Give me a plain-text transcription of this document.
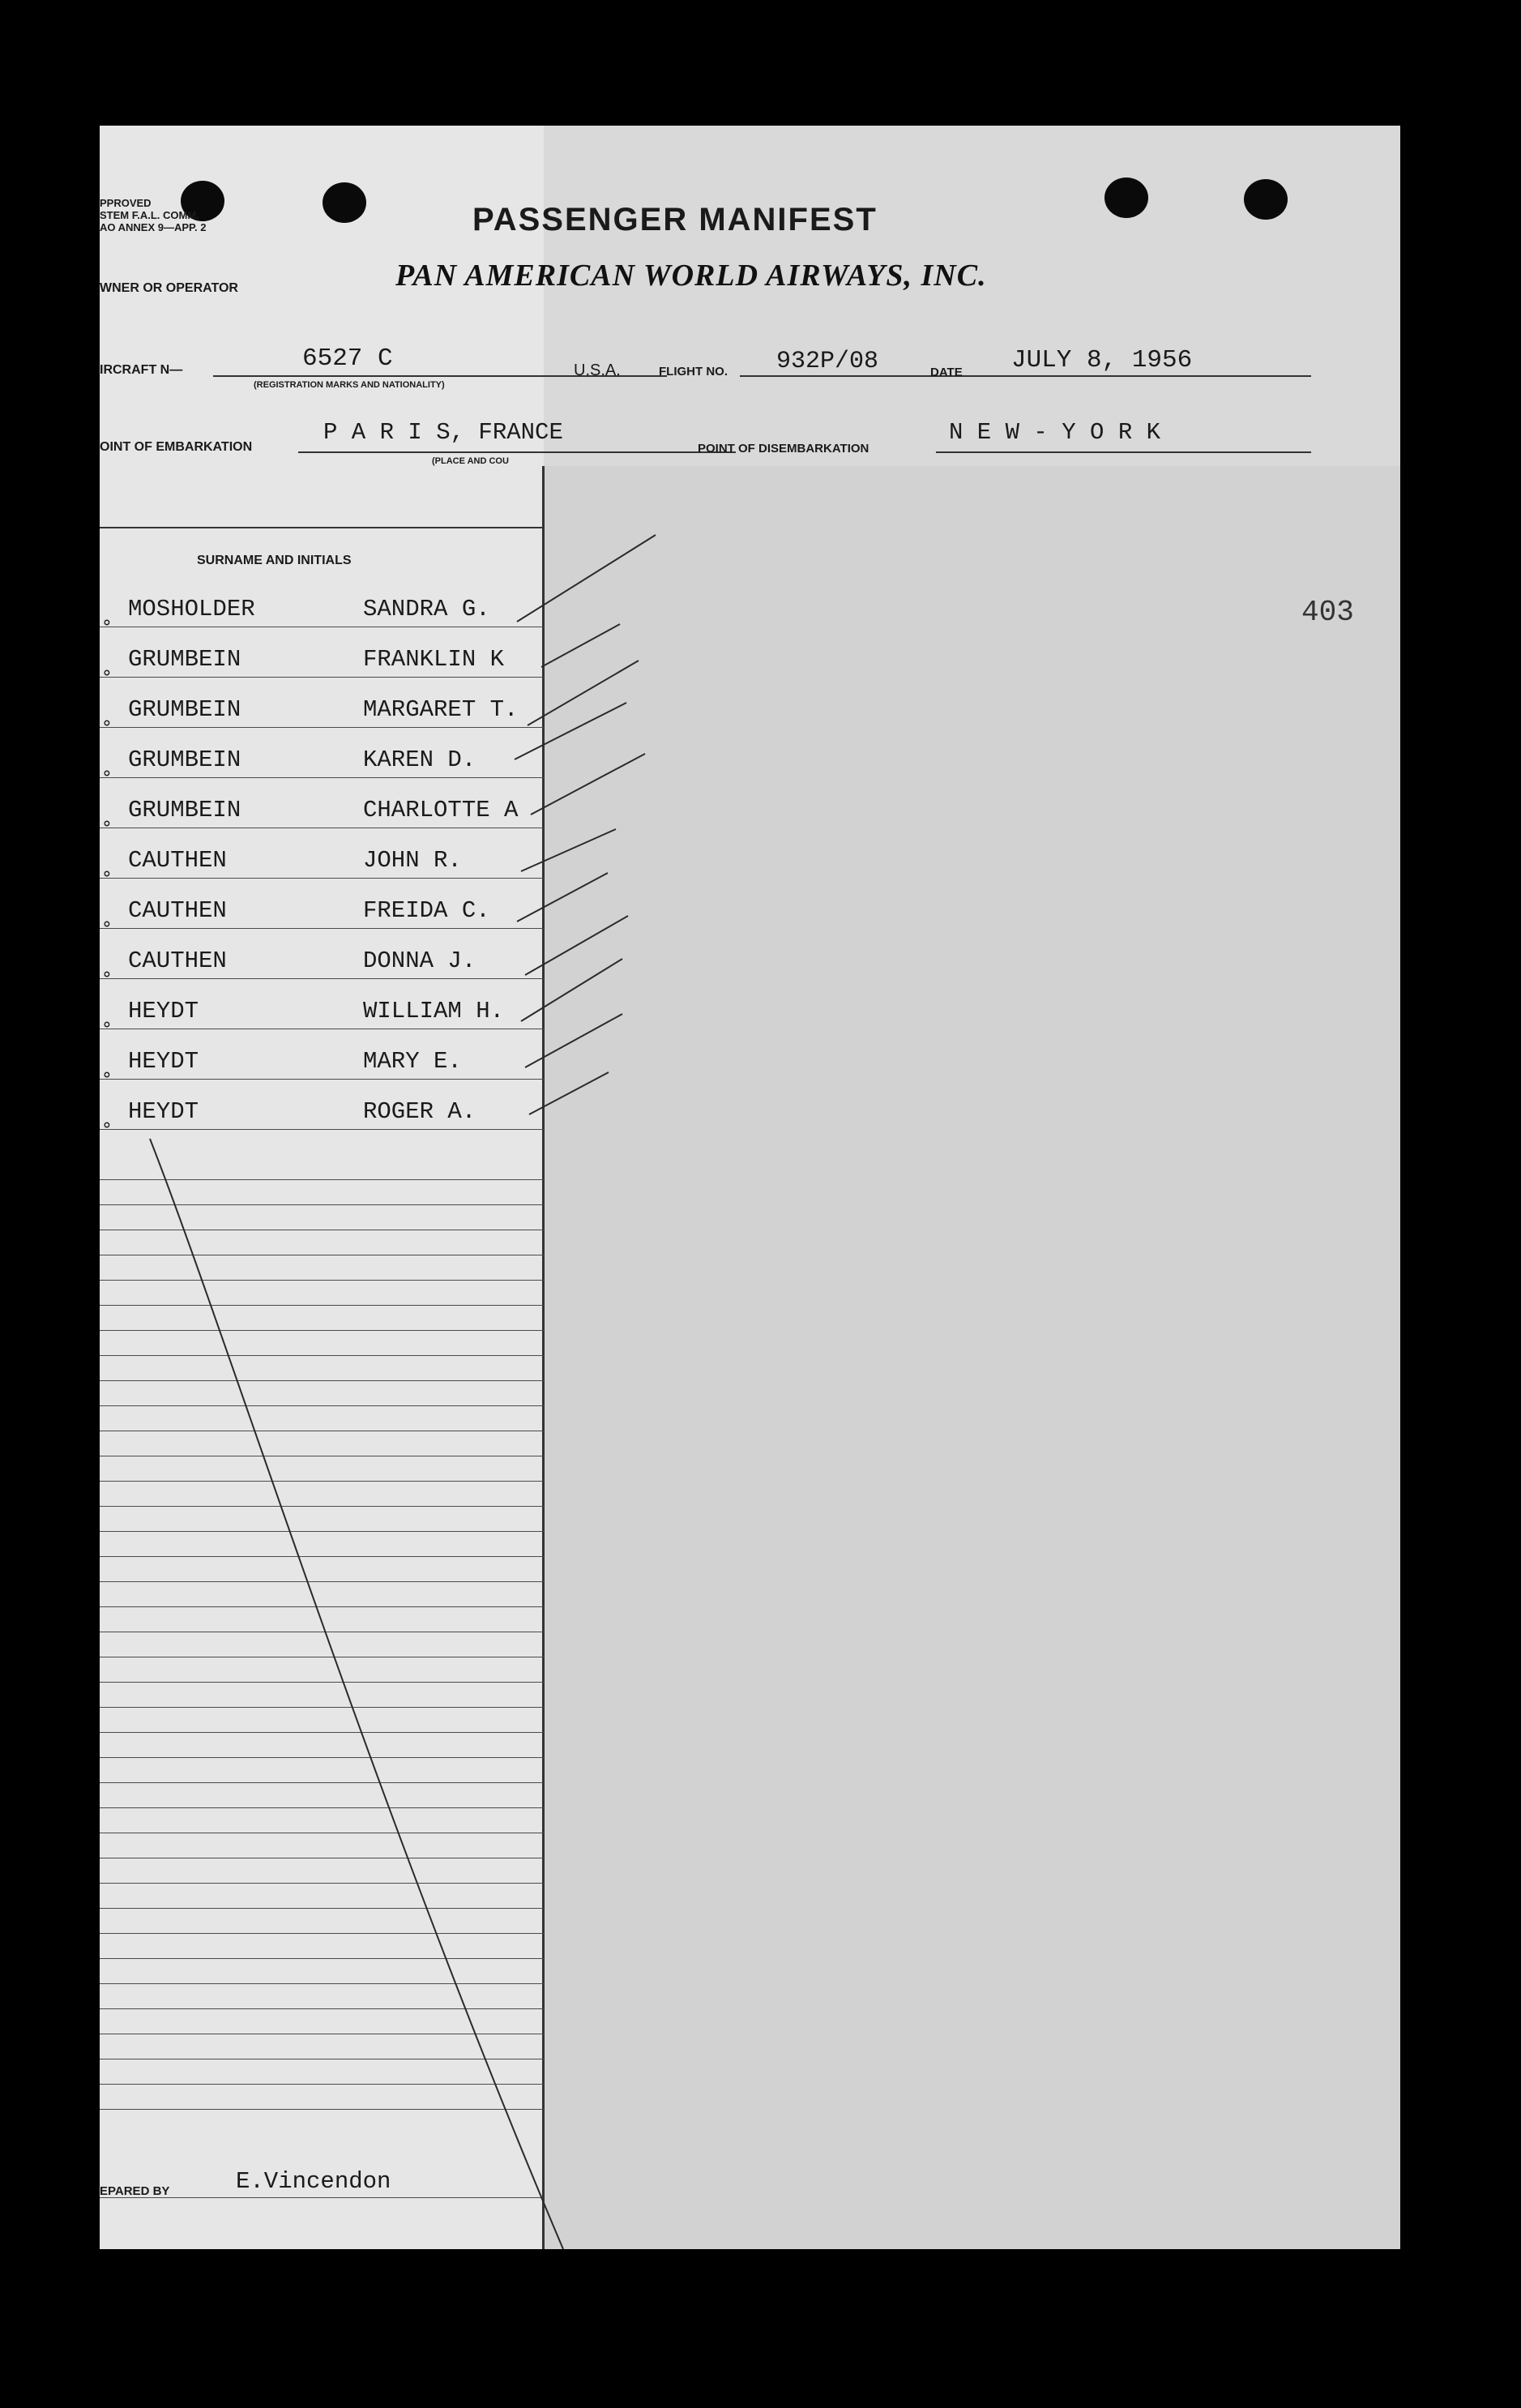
PPROVED
STEM F.A.L. COMM.
AO ANNEX 9—APP. 2	PASSENGER MANIFEST
WNER OR OPERATOR	PAN AMERICAN WORLD AIRWAYS, INC.
IRCRAFT N—	6527 C
(REGISTRATION MARKS AND NATIONALITY)
U.S.A.	FLIGHT NO. 932P/08	DATE JULY 8, 1956
OINT OF EMBARKATION
P A R I S, FRANCE
(PLACE AND COU
POINT OF DISEMBARKATION
N E W - Y O R K
SURNAME AND INITIALS
403
∘ MOSHOLDER	SANDRA G.
∘ GRUMBEIN	FRANKLIN K
∘ GRUMBEIN	MARGARET T.
∘ GRUMBEIN	KAREN D.
∘ GRUMBEIN	CHARLOTTE A
∘ CAUTHEN	JOHN R.
∘ CAUTHEN	FREIDA C.
∘ CAUTHEN	DONNA J.
∘ HEYDT	WILLIAM H.
∘ HEYDT	MARY E.
∘ HEYDT	ROGER A.
EPARED BY	E.Vincendon
